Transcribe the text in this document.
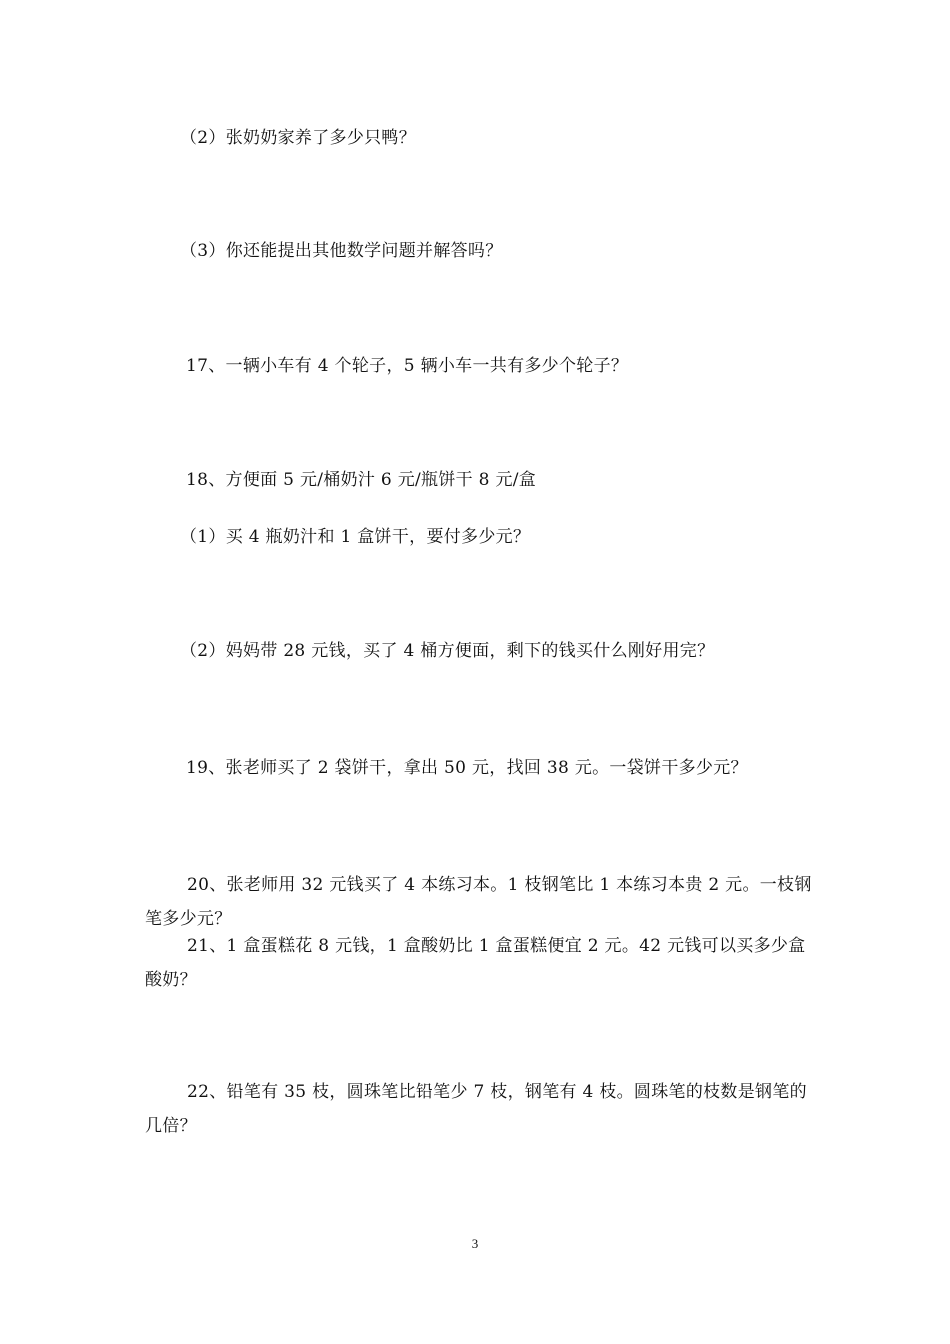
（2）张奶奶家养了多少只鸭？
（3）你还能提出其他数学问题并解答吗？
17、一辆小车有 4 个轮子，5 辆小车一共有多少个轮子？
18、方便面 5 元/桶奶汁 6 元/瓶饼干 8 元/盒
（1）买 4 瓶奶汁和 1 盒饼干，要付多少元？
（2）妈妈带 28 元钱，买了 4 桶方便面，剩下的钱买什么刚好用完？
19、张老师买了 2 袋饼干，拿出 50 元，找回 38 元。一袋饼干多少元？
20、张老师用 32 元钱买了 4 本练习本。1 枝钢笔比 1 本练习本贵 2 元。一枝钢笔多少元？
21、1 盒蛋糕花 8 元钱，1 盒酸奶比 1 盒蛋糕便宜 2 元。42 元钱可以买多少盒酸奶？
22、铅笔有 35 枝，圆珠笔比铅笔少 7 枝，钢笔有 4 枝。圆珠笔的枝数是钢笔的几倍？
3
